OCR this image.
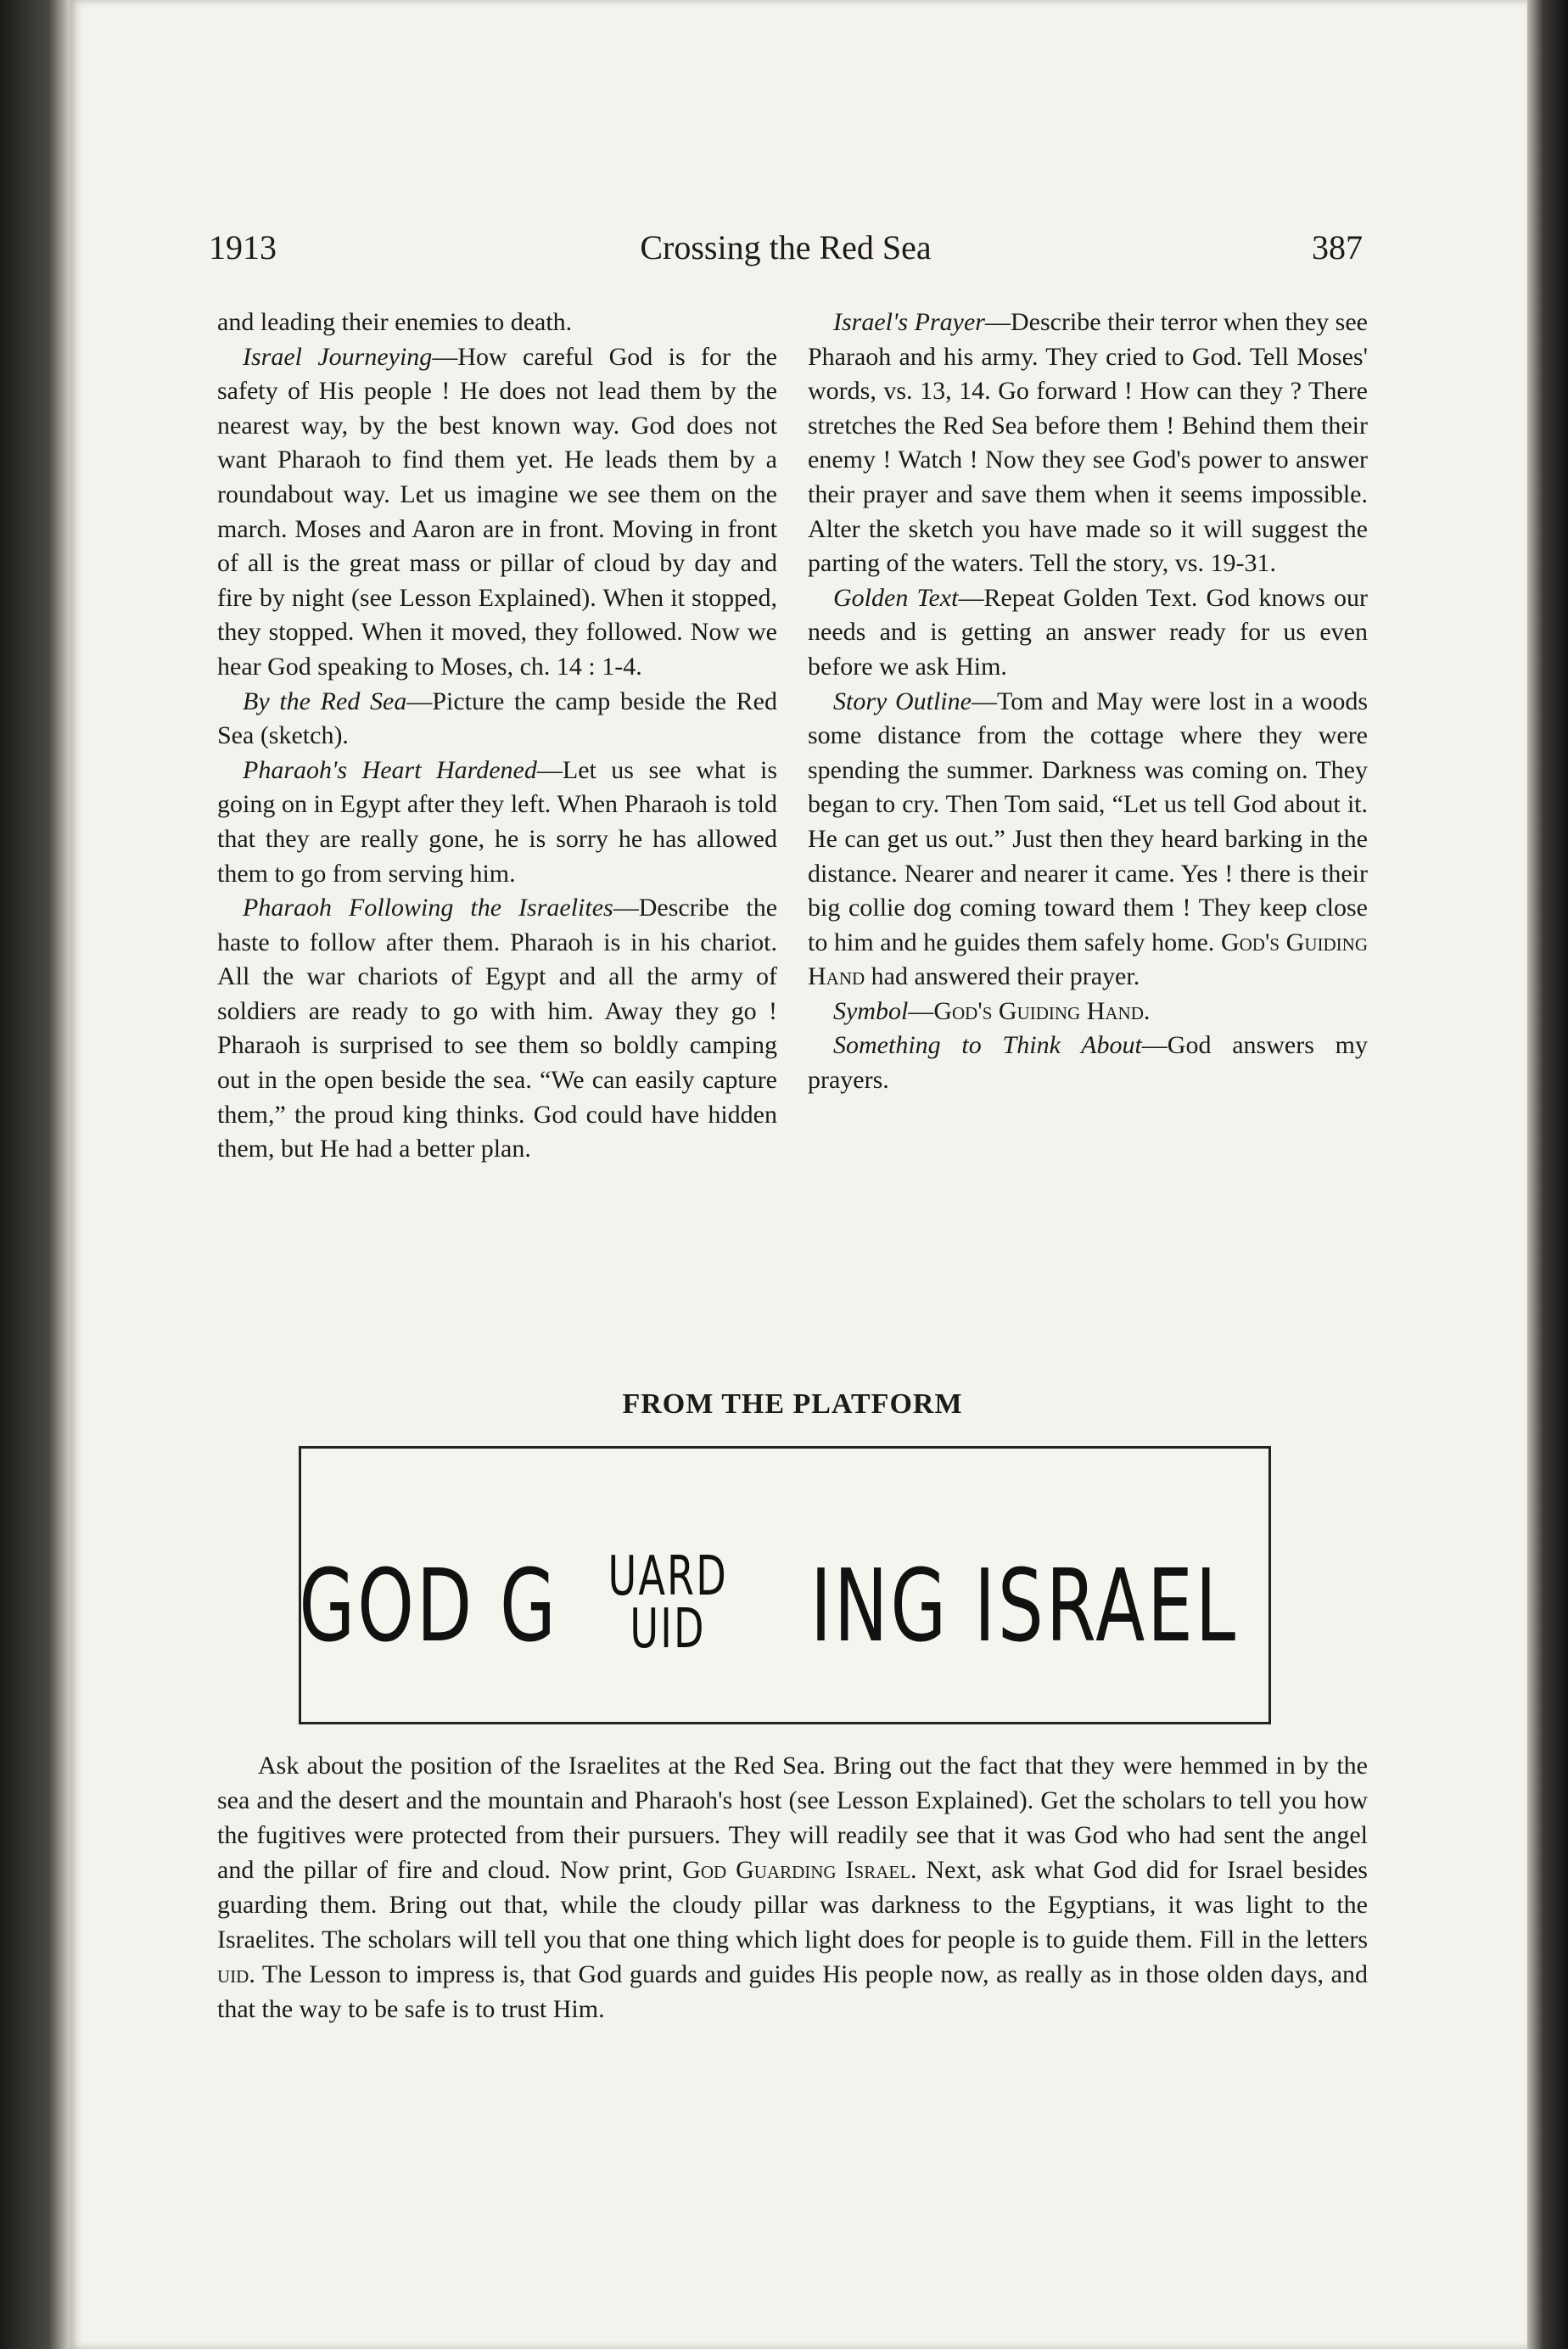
1913	Crossing the Red Sea	387

and leading their enemies to death.

Israel Journeying—How careful God is for the safety of His people ! He does not lead them by the nearest way, by the best known way. God does not want Pharaoh to find them yet. He leads them by a roundabout way. Let us imagine we see them on the march. Moses and Aaron are in front. Moving in front of all is the great mass or pillar of cloud by day and fire by night (see Lesson Explained). When it stopped, they stopped. When it moved, they followed. Now we hear God speaking to Moses, ch. 14 : 1-4.

By the Red Sea—Picture the camp beside the Red Sea (sketch).

Pharaoh's Heart Hardened—Let us see what is going on in Egypt after they left. When Pharaoh is told that they are really gone, he is sorry he has allowed them to go from serving him.

Pharaoh Following the Israelites—Describe the haste to follow after them. Pharaoh is in his chariot. All the war chariots of Egypt and all the army of soldiers are ready to go with him. Away they go ! Pharaoh is surprised to see them so boldly camping out in the open beside the sea. “We can easily capture them,” the proud king thinks. God could have hidden them, but He had a better plan.

Israel's Prayer—Describe their terror when they see Pharaoh and his army. They cried to God. Tell Moses' words, vs. 13, 14. Go forward ! How can they ? There stretches the Red Sea before them ! Behind them their enemy ! Watch ! Now they see God's power to answer their prayer and save them when it seems impossible. Alter the sketch you have made so it will suggest the parting of the waters. Tell the story, vs. 19-31.

Golden Text—Repeat Golden Text. God knows our needs and is getting an answer ready for us even before we ask Him.

Story Outline—Tom and May were lost in a woods some distance from the cottage where they were spending the summer. Darkness was coming on. They began to cry. Then Tom said, “Let us tell God about it. He can get us out.” Just then they heard barking in the distance. Nearer and nearer it came. Yes ! there is their big collie dog coming toward them ! They keep close to him and he guides them safely home. God's Guiding Hand had answered their prayer.

Symbol—God's Guiding Hand.

Something to Think About—God answers my prayers.

FROM THE PLATFORM
GOD G UARD
UID ING ISRAEL

Ask about the position of the Israelites at the Red Sea. Bring out the fact that they were hemmed in by the sea and the desert and the mountain and Pharaoh's host (see Lesson Explained). Get the scholars to tell you how the fugitives were protected from their pursuers. They will readily see that it was God who had sent the angel and the pillar of fire and cloud. Now print, God Guarding Israel. Next, ask what God did for Israel besides guarding them. Bring out that, while the cloudy pillar was darkness to the Egyptians, it was light to the Israelites. The scholars will tell you that one thing which light does for people is to guide them. Fill in the letters uid. The Lesson to impress is, that God guards and guides His people now, as really as in those olden days, and that the way to be safe is to trust Him.
